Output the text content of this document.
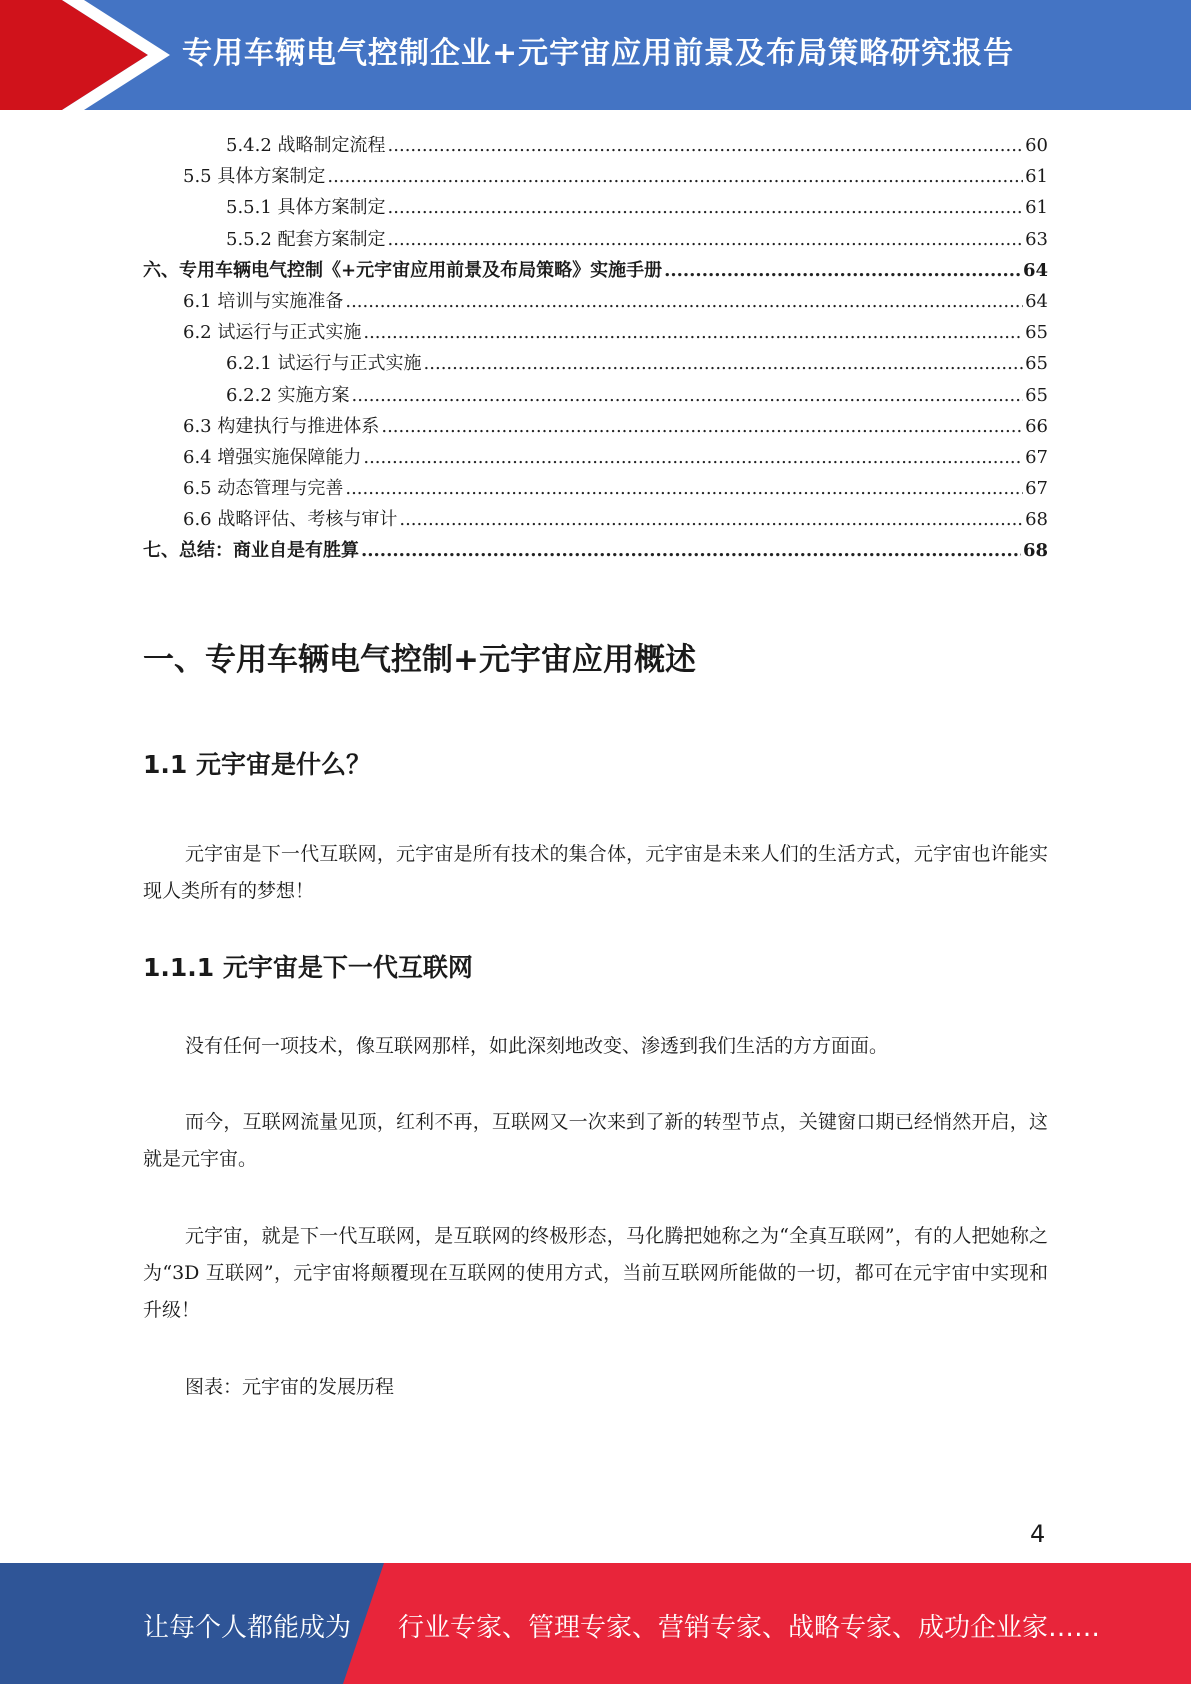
专用车辆电气控制企业+元宇宙应用前景及布局策略研究报告
5.4.2 战略制定流程 .....	60
5.5 具体方案制定 .....	61
5.5.1 具体方案制定 .....	61
5.5.2 配套方案制定 .....	63
六、专用车辆电气控制《+元宇宙应用前景及布局策略》实施手册 .....	64
6.1 培训与实施准备 .....	64
6.2 试运行与正式实施 .....	65
6.2.1 试运行与正式实施 .....	65
6.2.2 实施方案 .....	65
6.3 构建执行与推进体系 .....	66
6.4 增强实施保障能力 .....	67
6.5 动态管理与完善 .....	67
6.6 战略评估、考核与审计 .....	68
七、总结：商业自是有胜算 .....	68
一、专用车辆电气控制+元宇宙应用概述
1.1 元宇宙是什么？
元宇宙是下一代互联网，元宇宙是所有技术的集合体，元宇宙是未来人们的生活方式，元宇宙也许能实现人类所有的梦想！
1.1.1 元宇宙是下一代互联网
没有任何一项技术，像互联网那样，如此深刻地改变、渗透到我们生活的方方面面。
而今，互联网流量见顶，红利不再，互联网又一次来到了新的转型节点，关键窗口期已经悄然开启，这就是元宇宙。
元宇宙，就是下一代互联网，是互联网的终极形态，马化腾把她称之为“全真互联网”，有的人把她称之为“3D 互联网”，元宇宙将颠覆现在互联网的使用方式，当前互联网所能做的一切，都可在元宇宙中实现和升级！
图表：元宇宙的发展历程
4
让每个人都能成为 行业专家、管理专家、营销专家、战略专家、成功企业家……
